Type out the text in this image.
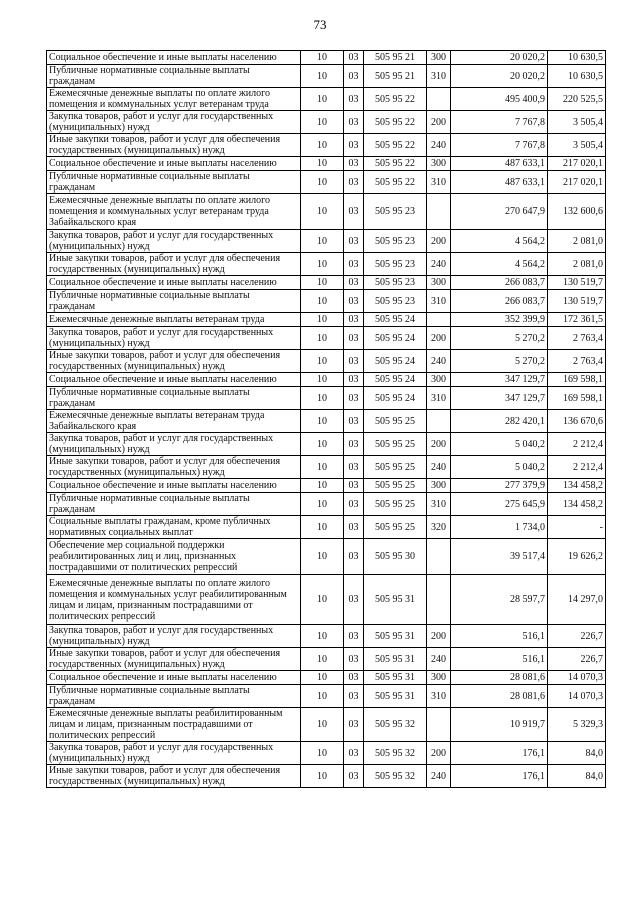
73
Социальное обеспечение и иные выплаты населению	10	03	505 95 21	300	20 020,2	10 630,5
Публичные нормативные социальные выплаты гражданам	10	03	505 95 21	310	20 020,2	10 630,5
Ежемесячные денежные выплаты по оплате жилого помещения и коммунальных услуг ветеранам труда	10	03	505 95 22		495 400,9	220 525,5
Закупка товаров, работ и услуг для государственных (муниципальных) нужд	10	03	505 95 22	200	7 767,8	3 505,4
Иные закупки товаров, работ и услуг для обеспечения государственных (муниципальных) нужд	10	03	505 95 22	240	7 767,8	3 505,4
Социальное обеспечение и иные выплаты населению	10	03	505 95 22	300	487 633,1	217 020,1
Публичные нормативные социальные выплаты гражданам	10	03	505 95 22	310	487 633,1	217 020,1
Ежемесячные денежные выплаты по оплате жилого помещения и коммунальных услуг ветеранам труда Забайкальского края	10	03	505 95 23		270 647,9	132 600,6
Закупка товаров, работ и услуг для государственных (муниципальных) нужд	10	03	505 95 23	200	4 564,2	2 081,0
Иные закупки товаров, работ и услуг для обеспечения государственных (муниципальных) нужд	10	03	505 95 23	240	4 564,2	2 081,0
Социальное обеспечение и иные выплаты населению	10	03	505 95 23	300	266 083,7	130 519,7
Публичные нормативные социальные выплаты гражданам	10	03	505 95 23	310	266 083,7	130 519,7
Ежемесячные денежные выплаты ветеранам труда	10	03	505 95 24		352 399,9	172 361,5
Закупка товаров, работ и услуг для государственных (муниципальных) нужд	10	03	505 95 24	200	5 270,2	2 763,4
Иные закупки товаров, работ и услуг для обеспечения государственных (муниципальных) нужд	10	03	505 95 24	240	5 270,2	2 763,4
Социальное обеспечение и иные выплаты населению	10	03	505 95 24	300	347 129,7	169 598,1
Публичные нормативные социальные выплаты гражданам	10	03	505 95 24	310	347 129,7	169 598,1
Ежемесячные денежные выплаты ветеранам труда Забайкальского края	10	03	505 95 25		282 420,1	136 670,6
Закупка товаров, работ и услуг для государственных (муниципальных) нужд	10	03	505 95 25	200	5 040,2	2 212,4
Иные закупки товаров, работ и услуг для обеспечения государственных (муниципальных) нужд	10	03	505 95 25	240	5 040,2	2 212,4
Социальное обеспечение и иные выплаты населению	10	03	505 95 25	300	277 379,9	134 458,2
Публичные нормативные социальные выплаты гражданам	10	03	505 95 25	310	275 645,9	134 458,2
Социальные выплаты гражданам, кроме публичных нормативных социальных выплат	10	03	505 95 25	320	1 734,0	-
Обеспечение мер социальной поддержки реабилитированных лиц и лиц, признанных пострадавшими от политических репрессий	10	03	505 95 30		39 517,4	19 626,2
Ежемесячные денежные выплаты по оплате жилого помещения и коммунальных услуг реабилитированным лицам и лицам, признанным пострадавшими от политических репрессий	10	03	505 95 31		28 597,7	14 297,0
Закупка товаров, работ и услуг для государственных (муниципальных) нужд	10	03	505 95 31	200	516,1	226,7
Иные закупки товаров, работ и услуг для обеспечения государственных (муниципальных) нужд	10	03	505 95 31	240	516,1	226,7
Социальное обеспечение и иные выплаты населению	10	03	505 95 31	300	28 081,6	14 070,3
Публичные нормативные социальные выплаты гражданам	10	03	505 95 31	310	28 081,6	14 070,3
Ежемесячные денежные выплаты реабилитированным лицам и лицам, признанным пострадавшими от политических репрессий	10	03	505 95 32		10 919,7	5 329,3
Закупка товаров, работ и услуг для государственных (муниципальных) нужд	10	03	505 95 32	200	176,1	84,0
Иные закупки товаров, работ и услуг для обеспечения государственных (муниципальных) нужд	10	03	505 95 32	240	176,1	84,0
